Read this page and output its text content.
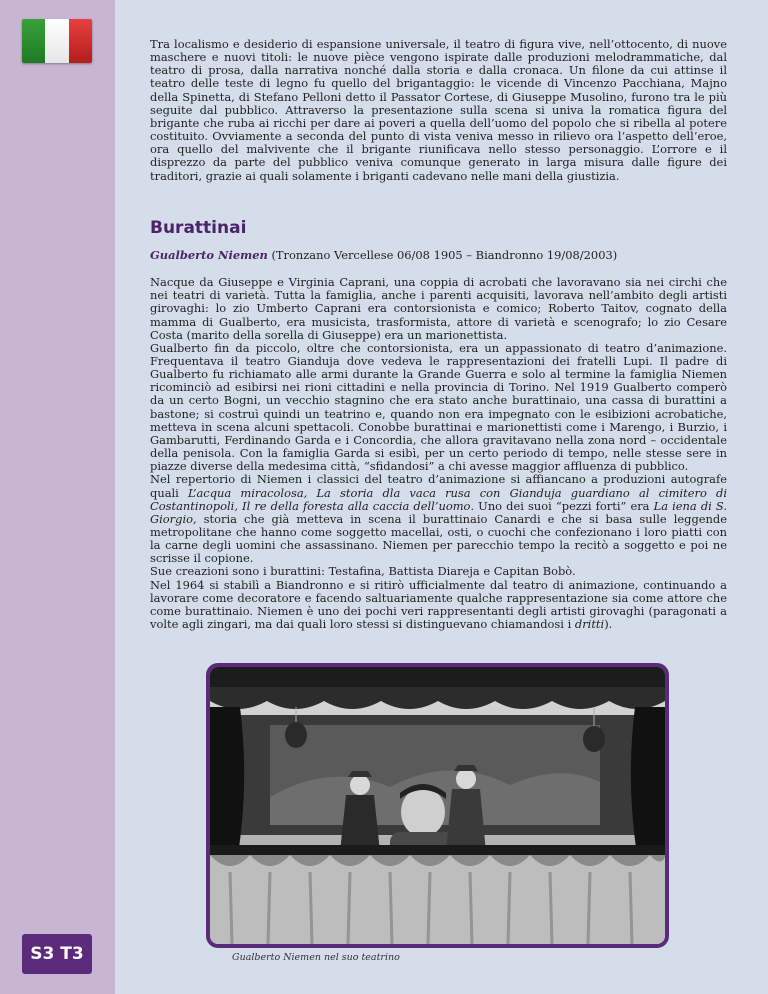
S3 T3

Tra localismo e desiderio di espansione universale, il teatro di figura vive, nell’ottocento, di nuove maschere e nuovi titoli: le nuove pièce vengono ispirate dalle produzioni melodrammatiche, dal teatro di prosa, dalla narrativa nonché dalla storia e dalla cronaca. Un filone da cui attinse il teatro delle teste di legno fu quello del brigantaggio: le vicende di Vincenzo Pacchiana, Majno della Spinetta, di Stefano Pelloni detto il Passator Cortese, di Giuseppe Musolino, furono tra le più seguite dal pubblico. Attraverso la presentazione sulla scena si univa la romatica figura del brigante che ruba ai ricchi per dare ai poveri a quella dell’uomo del popolo che si ribella al potere costituito. Ovviamente a seconda del punto di vista veniva messo in rilievo ora l’aspetto dell’eroe, ora quello del malvivente che il brigante riunificava nello stesso personaggio. L’orrore e il disprezzo da parte del pubblico veniva comunque generato in larga misura dalle figure dei traditori, grazie ai quali solamente i briganti cadevano nelle mani della giustizia.

Burattinai

Gualberto Niemen (Tronzano Vercellese 06/08 1905 – Biandronno 19/08/2003)

Nacque da Giuseppe e Virginia Caprani, una coppia di acrobati che lavoravano sia nei circhi che nei teatri di varietà. Tutta la famiglia, anche i parenti acquisiti, lavorava nell’ambito degli artisti girovaghi: lo zio Umberto Caprani era contorsionista e comico; Roberto Taitov, cognato della mamma di Gualberto, era musicista, trasformista, attore di varietà e scenografo; lo zio Cesare Costa (marito della sorella di Giuseppe) era un marionettista.

Gualberto fin da piccolo, oltre che contorsionista, era un appassionato di teatro d’animazione. Frequentava il teatro Gianduja dove vedeva le rappresentazioni dei fratelli Lupi. Il padre di Gualberto fu richiamato alle armi durante la Grande Guerra e solo al termine la famiglia Niemen ricominciò ad esibirsi nei rioni cittadini e nella provincia di Torino. Nel 1919 Gualberto comperò da un certo Bogni, un vecchio stagnino che era stato anche burattinaio, una cassa di burattini a bastone; si costruì quindi un teatrino e, quando non era impegnato con le esibizioni acrobatiche, metteva in scena alcuni spettacoli. Conobbe burattinai e marionettisti come i Marengo, i Burzio, i Gambarutti, Ferdinando Garda e i Concordia, che allora gravitavano nella zona nord – occidentale della penisola. Con la famiglia Garda si esibì, per un certo periodo di tempo, nelle stesse sere in piazze diverse della medesima città, “sfidandosi” a chi avesse maggior affluenza di pubblico.

Nel repertorio di Niemen i classici del teatro d’animazione si affiancano a produzioni autografe quali L’acqua miracolosa, La storia dla vaca rusa con Gianduja guardiano al cimitero di Costantinopoli, Il re della foresta alla caccia dell’uomo. Uno dei suoi “pezzi forti” era La iena di S. Giorgio, storia che già metteva in scena il burattinaio Canardi e che si basa sulle leggende metropolitane che hanno come soggetto macellai, osti, o cuochi che confezionano i loro piatti con la carne degli uomini che assassinano. Niemen per parecchio tempo la recitò a soggetto e poi ne scrisse il copione.

Sue creazioni sono i burattini: Testafina, Battista Diareja e Capitan Bobò.

Nel 1964 si stabilì a Biandronno e si ritirò ufficialmente dal teatro di animazione, continuando a lavorare come decoratore e facendo saltuariamente qualche rappresentazione sia come attore che come burattinaio. Niemen è uno dei pochi veri rappresentanti degli artisti girovaghi (paragonati a volte agli zingari, ma dai quali loro stessi si distinguevano chiamandosi i dritti).

Gualberto Niemen nel suo teatrino
